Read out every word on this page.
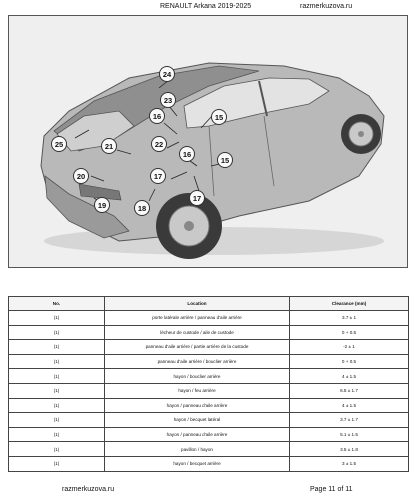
RENAULT Arkana 2019-2025	razmerkuzova.ru
24
23
16	15
25	21	22
16
15
20	17
19
17
18
No.	Location	Clearance (mm)
(1)	porte latérale arrière / panneau d'aile arrière	3.7 ± 1
(1)	lécheur de custode / aile de custode	0 + 0.5
(1)	panneau d'aile arrière / partie arrière de la custode	-2 ± 1
(1)	panneau d'aile arrière / bouclier arrière	0 + 0.5
(1)	hayon / bouclier arrière	4 ± 1.5
(1)	hayon / feu arrière	6.5 ± 1.7
(1)	hayon / panneau d'aile arrière	4 ± 1.5
(1)	hayon / becquet latéral	3.7 ± 1.7
(1)	hayon / panneau d'aile arrière	5.1 ± 1.5
(1)	pavillon / hayon	3.5 ± 1.8
(1)	hayon / becquet arrière	3 ± 1.5
razmerkuzova.ru	Page 11 of 11
